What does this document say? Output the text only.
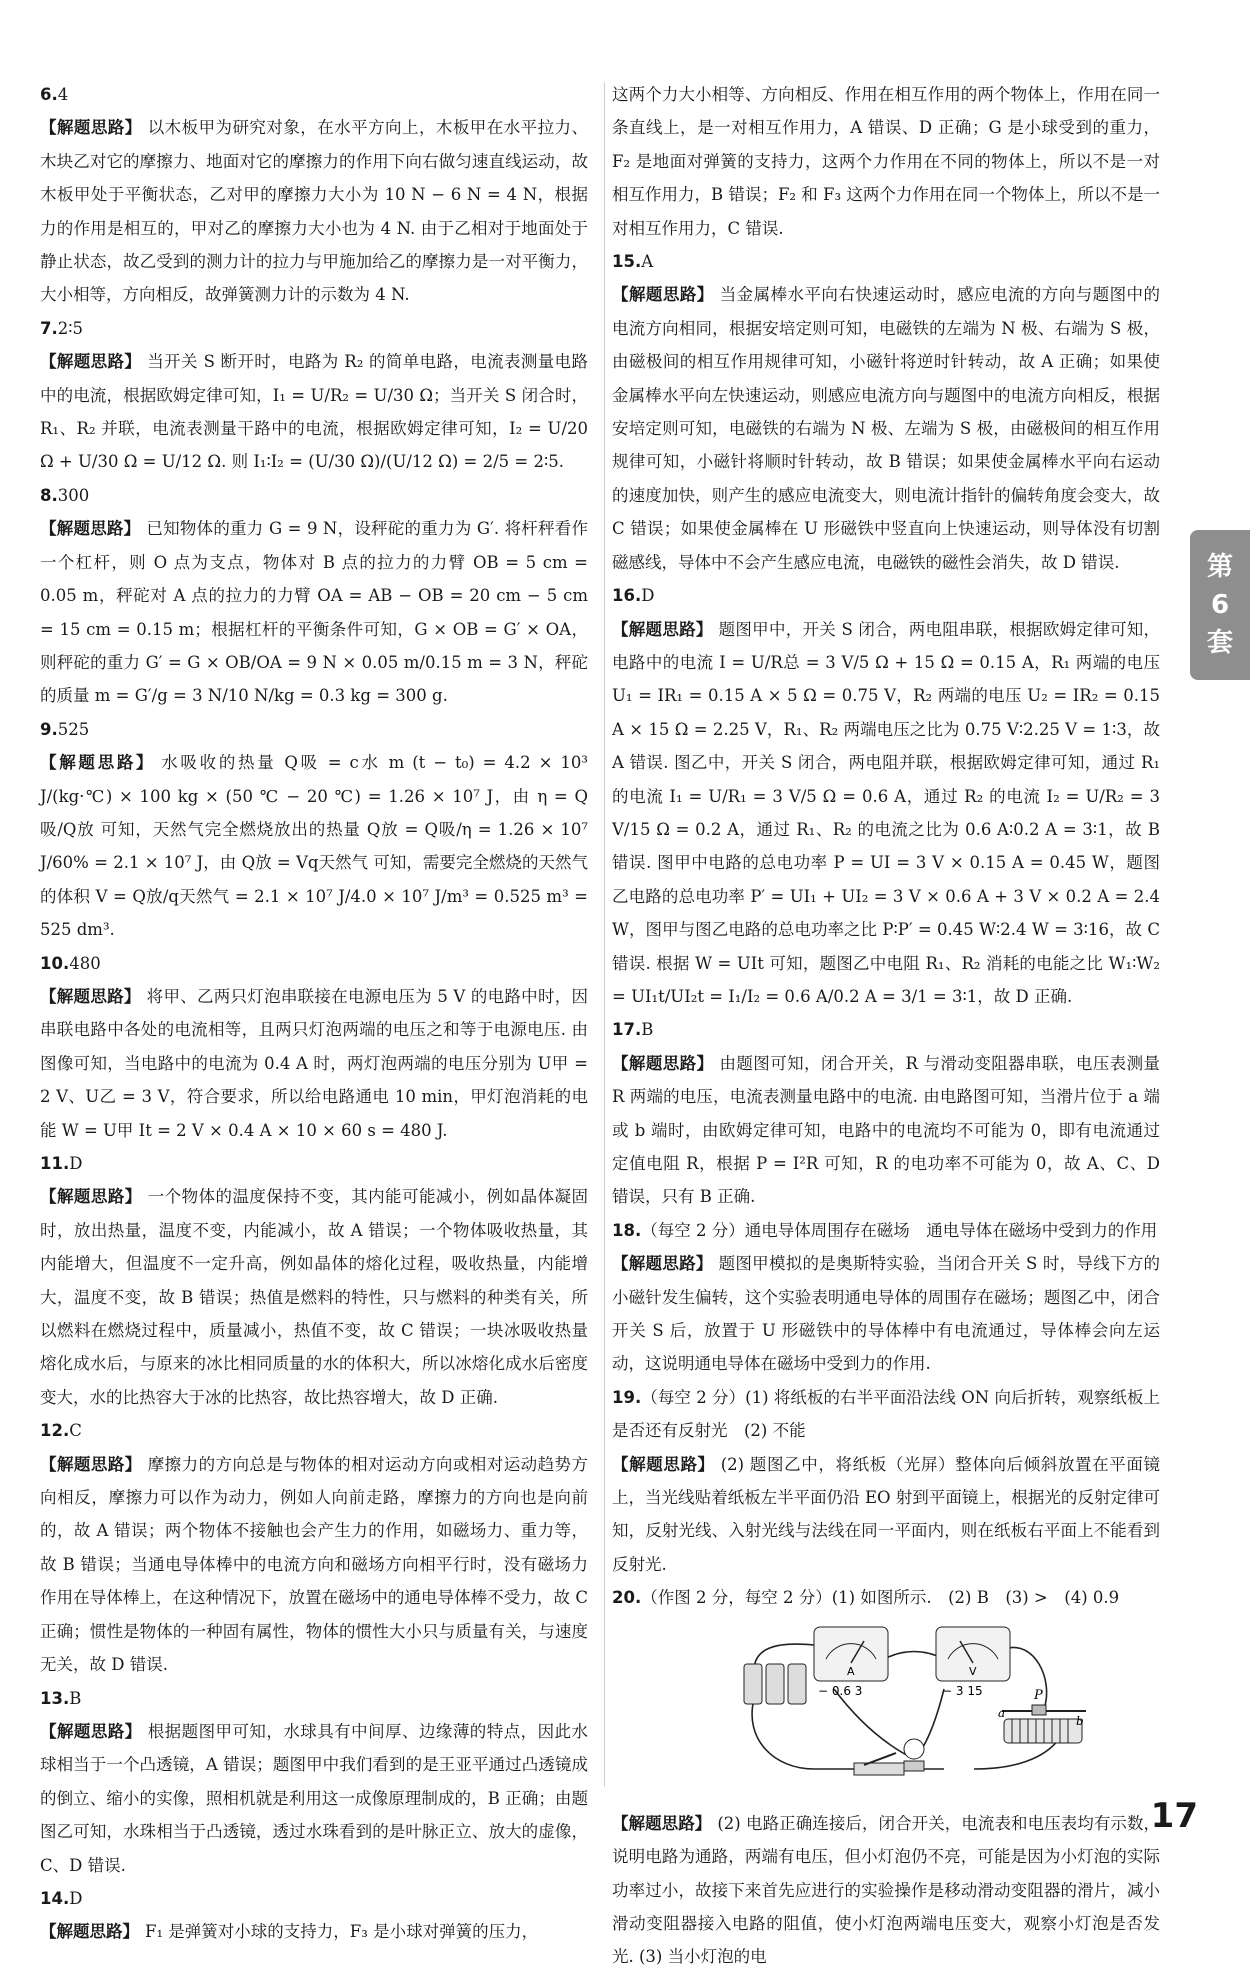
6.4

【解题思路】 以木板甲为研究对象，在水平方向上，木板甲在水平拉力、木块乙对它的摩擦力、地面对它的摩擦力的作用下向右做匀速直线运动，故木板甲处于平衡状态，乙对甲的摩擦力大小为 10 N − 6 N = 4 N，根据力的作用是相互的，甲对乙的摩擦力大小也为 4 N. 由于乙相对于地面处于静止状态，故乙受到的测力计的拉力与甲施加给乙的摩擦力是一对平衡力，大小相等，方向相反，故弹簧测力计的示数为 4 N.

7.2∶5

【解题思路】 当开关 S 断开时，电路为 R₂ 的简单电路，电流表测量电路中的电流，根据欧姆定律可知，I₁ = U/R₂ = U/30 Ω；当开关 S 闭合时，R₁、R₂ 并联，电流表测量干路中的电流，根据欧姆定律可知，I₂ = U/20 Ω + U/30 Ω = U/12 Ω. 则 I₁∶I₂ = (U/30 Ω)/(U/12 Ω) = 2/5 = 2∶5.

8.300

【解题思路】 已知物体的重力 G = 9 N，设秤砣的重力为 G′. 将杆秤看作一个杠杆，则 O 点为支点，物体对 B 点的拉力的力臂 OB = 5 cm = 0.05 m，秤砣对 A 点的拉力的力臂 OA = AB − OB = 20 cm − 5 cm = 15 cm = 0.15 m；根据杠杆的平衡条件可知，G × OB = G′ × OA，则秤砣的重力 G′ = G × OB/OA = 9 N × 0.05 m/0.15 m = 3 N，秤砣的质量 m = G′/g = 3 N/10 N/kg = 0.3 kg = 300 g.

9.525

【解题思路】 水吸收的热量 Q吸 = c水 m (t − t₀) = 4.2 × 10³ J/(kg·℃) × 100 kg × (50 ℃ − 20 ℃) = 1.26 × 10⁷ J，由 η = Q吸/Q放 可知，天然气完全燃烧放出的热量 Q放 = Q吸/η = 1.26 × 10⁷ J/60% = 2.1 × 10⁷ J，由 Q放 = Vq天然气 可知，需要完全燃烧的天然气的体积 V = Q放/q天然气 = 2.1 × 10⁷ J/4.0 × 10⁷ J/m³ = 0.525 m³ = 525 dm³.

10.480

【解题思路】 将甲、乙两只灯泡串联接在电源电压为 5 V 的电路中时，因串联电路中各处的电流相等，且两只灯泡两端的电压之和等于电源电压. 由图像可知，当电路中的电流为 0.4 A 时，两灯泡两端的电压分别为 U甲 = 2 V、U乙 = 3 V，符合要求，所以给电路通电 10 min，甲灯泡消耗的电能 W = U甲 It = 2 V × 0.4 A × 10 × 60 s = 480 J.

11.D

【解题思路】 一个物体的温度保持不变，其内能可能减小，例如晶体凝固时，放出热量，温度不变，内能减小，故 A 错误；一个物体吸收热量，其内能增大，但温度不一定升高，例如晶体的熔化过程，吸收热量，内能增大，温度不变，故 B 错误；热值是燃料的特性，只与燃料的种类有关，所以燃料在燃烧过程中，质量减小，热值不变，故 C 错误；一块冰吸收热量熔化成水后，与原来的冰比相同质量的水的体积大，所以冰熔化成水后密度变大，水的比热容大于冰的比热容，故比热容增大，故 D 正确.

12.C

【解题思路】 摩擦力的方向总是与物体的相对运动方向或相对运动趋势方向相反，摩擦力可以作为动力，例如人向前走路，摩擦力的方向也是向前的，故 A 错误；两个物体不接触也会产生力的作用，如磁场力、重力等，故 B 错误；当通电导体棒中的电流方向和磁场方向相平行时，没有磁场力作用在导体棒上，在这种情况下，放置在磁场中的通电导体棒不受力，故 C 正确；惯性是物体的一种固有属性，物体的惯性大小只与质量有关，与速度无关，故 D 错误.

13.B

【解题思路】 根据题图甲可知，水球具有中间厚、边缘薄的特点，因此水球相当于一个凸透镜，A 错误；题图甲中我们看到的是王亚平通过凸透镜成的倒立、缩小的实像，照相机就是利用这一成像原理制成的，B 正确；由题图乙可知，水珠相当于凸透镜，透过水珠看到的是叶脉正立、放大的虚像，C、D 错误.

14.D

【解题思路】 F₁ 是弹簧对小球的支持力，F₃ 是小球对弹簧的压力，

这两个力大小相等、方向相反、作用在相互作用的两个物体上，作用在同一条直线上，是一对相互作用力，A 错误、D 正确；G 是小球受到的重力，F₂ 是地面对弹簧的支持力，这两个力作用在不同的物体上，所以不是一对相互作用力，B 错误；F₂ 和 F₃ 这两个力作用在同一个物体上，所以不是一对相互作用力，C 错误.

15.A

【解题思路】 当金属棒水平向右快速运动时，感应电流的方向与题图中的电流方向相同，根据安培定则可知，电磁铁的左端为 N 极、右端为 S 极，由磁极间的相互作用规律可知，小磁针将逆时针转动，故 A 正确；如果使金属棒水平向左快速运动，则感应电流方向与题图中的电流方向相反，根据安培定则可知，电磁铁的右端为 N 极、左端为 S 极，由磁极间的相互作用规律可知，小磁针将顺时针转动，故 B 错误；如果使金属棒水平向右运动的速度加快，则产生的感应电流变大，则电流计指针的偏转角度会变大，故 C 错误；如果使金属棒在 U 形磁铁中竖直向上快速运动，则导体没有切割磁感线，导体中不会产生感应电流，电磁铁的磁性会消失，故 D 错误.

16.D

【解题思路】 题图甲中，开关 S 闭合，两电阻串联，根据欧姆定律可知，电路中的电流 I = U/R总 = 3 V/5 Ω + 15 Ω = 0.15 A，R₁ 两端的电压 U₁ = IR₁ = 0.15 A × 5 Ω = 0.75 V，R₂ 两端的电压 U₂ = IR₂ = 0.15 A × 15 Ω = 2.25 V，R₁、R₂ 两端电压之比为 0.75 V∶2.25 V = 1∶3，故 A 错误. 图乙中，开关 S 闭合，两电阻并联，根据欧姆定律可知，通过 R₁ 的电流 I₁ = U/R₁ = 3 V/5 Ω = 0.6 A，通过 R₂ 的电流 I₂ = U/R₂ = 3 V/15 Ω = 0.2 A，通过 R₁、R₂ 的电流之比为 0.6 A∶0.2 A = 3∶1，故 B 错误. 图甲中电路的总电功率 P = UI = 3 V × 0.15 A = 0.45 W，题图乙电路的总电功率 P′ = UI₁ + UI₂ = 3 V × 0.6 A + 3 V × 0.2 A = 2.4 W，图甲与图乙电路的总电功率之比 P∶P′ = 0.45 W∶2.4 W = 3∶16，故 C 错误. 根据 W = UIt 可知，题图乙中电阻 R₁、R₂ 消耗的电能之比 W₁∶W₂ = UI₁t/UI₂t = I₁/I₂ = 0.6 A/0.2 A = 3/1 = 3∶1，故 D 正确.

17.B

【解题思路】 由题图可知，闭合开关，R 与滑动变阻器串联，电压表测量 R 两端的电压，电流表测量电路中的电流. 由电路图可知，当滑片位于 a 端或 b 端时，由欧姆定律可知，电路中的电流均不可能为 0，即有电流通过定值电阻 R，根据 P = I²R 可知，R 的电功率不可能为 0，故 A、C、D 错误，只有 B 正确.

18.（每空 2 分）通电导体周围存在磁场　通电导体在磁场中受到力的作用

【解题思路】 题图甲模拟的是奥斯特实验，当闭合开关 S 时，导线下方的小磁针发生偏转，这个实验表明通电导体的周围存在磁场；题图乙中，闭合开关 S 后，放置于 U 形磁铁中的导体棒中有电流通过，导体棒会向左运动，这说明通电导体在磁场中受到力的作用.

19.（每空 2 分）(1) 将纸板的右半平面沿法线 ON 向后折转，观察纸板上是否还有反射光　(2) 不能

【解题思路】 (2) 题图乙中，将纸板（光屏）整体向后倾斜放置在平面镜上，当光线贴着纸板左半平面仍沿 EO 射到平面镜上，根据光的反射定律可知，反射光线、入射光线与法线在同一平面内，则在纸板右平面上不能看到反射光.

20.（作图 2 分，每空 2 分）(1) 如图所示.　(2) B　(3) >　(4) 0.9

A
− 0.6 3
V
− 3 15	P
a
b

【解题思路】 (2) 电路正确连接后，闭合开关，电流表和电压表均有示数，说明电路为通路，两端有电压，但小灯泡仍不亮，可能是因为小灯泡的实际功率过小，故接下来首先应进行的实验操作是移动滑动变阻器的滑片，减小滑动变阻器接入电路的阻值，使小灯泡两端电压变大，观察小灯泡是否发光. (3) 当小灯泡的电

第
6
套
17
